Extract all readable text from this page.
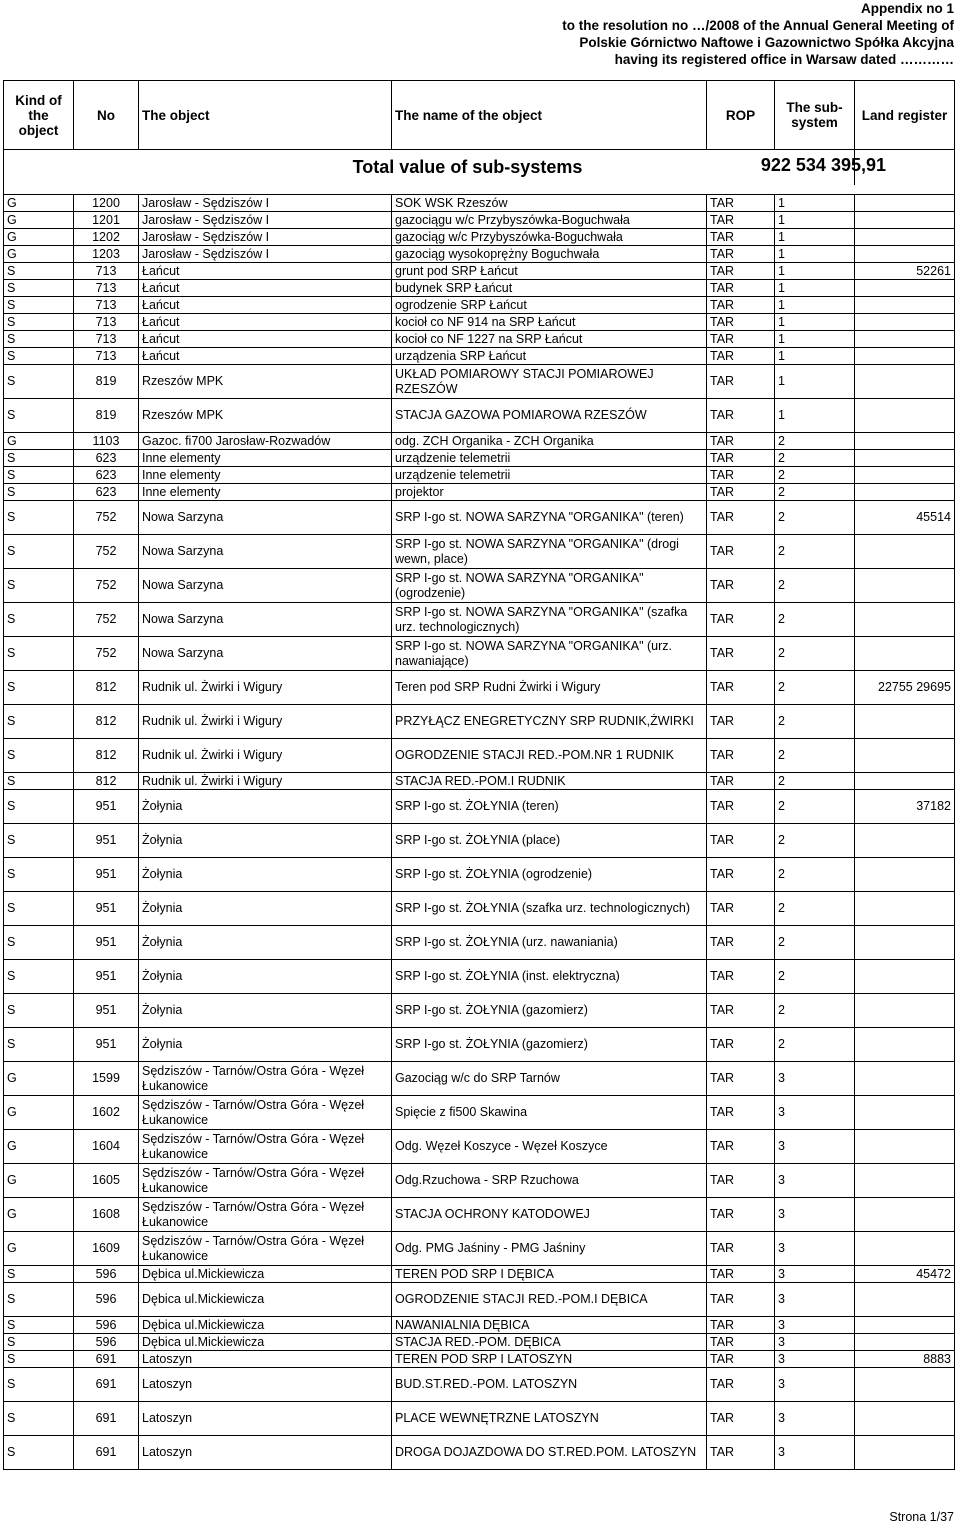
Appendix no 1
to the resolution no …/2008 of the Annual General Meeting of
Polskie Górnictwo Naftowe i Gazownictwo Spółka Akcyjna
having its registered office in Warsaw dated …………
Kind of the object	No	The object	The name of the object	ROP	The sub-system	Land register
Total value of sub-systems						922 534 395,91

G	1200	Jarosław - Sędziszów I	SOK WSK Rzeszów	TAR	1	
G	1201	Jarosław - Sędziszów I	gazociągu w/c Przybyszówka-Boguchwała	TAR	1	
G	1202	Jarosław - Sędziszów I	gazociąg w/c Przybyszówka-Boguchwała	TAR	1	
G	1203	Jarosław - Sędziszów I	gazociąg wysokoprężny Boguchwała	TAR	1	
S	713	Łańcut	grunt pod SRP Łańcut	TAR	1	52261
S	713	Łańcut	budynek SRP Łańcut	TAR	1	
S	713	Łańcut	ogrodzenie SRP Łańcut	TAR	1	
S	713	Łańcut	kocioł co NF 914 na SRP Łańcut	TAR	1	
S	713	Łańcut	kocioł co NF 1227 na SRP Łańcut	TAR	1	
S	713	Łańcut	urządzenia SRP Łańcut	TAR	1	
S	819	Rzeszów MPK	UKŁAD POMIAROWY STACJI POMIAROWEJ RZESZÓW	TAR	1	
S	819	Rzeszów MPK	STACJA GAZOWA POMIAROWA RZESZÓW	TAR	1	
G	1103	Gazoc. fi700 Jarosław-Rozwadów	odg. ZCH Organika - ZCH Organika	TAR	2	
S	623	Inne elementy	urządzenie telemetrii	TAR	2	
S	623	Inne elementy	urządzenie telemetrii	TAR	2	
S	623	Inne elementy	projektor	TAR	2	
S	752	Nowa Sarzyna	SRP I-go st. NOWA SARZYNA "ORGANIKA" (teren)	TAR	2	45514
S	752	Nowa Sarzyna	SRP I-go st. NOWA SARZYNA "ORGANIKA" (drogi wewn, place)	TAR	2	
S	752	Nowa Sarzyna	SRP I-go st. NOWA SARZYNA "ORGANIKA" (ogrodzenie)	TAR	2	
S	752	Nowa Sarzyna	SRP I-go st. NOWA SARZYNA "ORGANIKA" (szafka urz. technologicznych)	TAR	2	
S	752	Nowa Sarzyna	SRP I-go st. NOWA SARZYNA "ORGANIKA" (urz. nawaniające)	TAR	2	
S	812	Rudnik ul. Żwirki i Wigury	Teren pod SRP Rudni Żwirki i Wigury	TAR	2	22755 29695
S	812	Rudnik ul. Żwirki i Wigury	PRZYŁĄCZ ENEGRETYCZNY SRP RUDNIK,ŻWIRKI	TAR	2	
S	812	Rudnik ul. Żwirki i Wigury	OGRODZENIE STACJI RED.-POM.NR 1 RUDNIK	TAR	2	
S	812	Rudnik ul. Żwirki i Wigury	STACJA RED.-POM.I RUDNIK	TAR	2	
S	951	Żołynia	SRP I-go st. ŻOŁYNIA (teren)	TAR	2	37182
S	951	Żołynia	SRP I-go st. ŻOŁYNIA (place)	TAR	2	
S	951	Żołynia	SRP I-go st. ŻOŁYNIA (ogrodzenie)	TAR	2	
S	951	Żołynia	SRP I-go st. ŻOŁYNIA (szafka urz. technologicznych)	TAR	2	
S	951	Żołynia	SRP I-go st. ŻOŁYNIA (urz. nawaniania)	TAR	2	
S	951	Żołynia	SRP I-go st. ŻOŁYNIA (inst. elektryczna)	TAR	2	
S	951	Żołynia	SRP I-go st. ŻOŁYNIA (gazomierz)	TAR	2	
S	951	Żołynia	SRP I-go st. ŻOŁYNIA (gazomierz)	TAR	2	
G	1599	Sędziszów - Tarnów/Ostra Góra - Węzeł Łukanowice	Gazociąg w/c do SRP Tarnów	TAR	3	
G	1602	Sędziszów - Tarnów/Ostra Góra - Węzeł Łukanowice	Spięcie z fi500 Skawina	TAR	3	
G	1604	Sędziszów - Tarnów/Ostra Góra - Węzeł Łukanowice	Odg. Węzeł Koszyce - Węzeł Koszyce	TAR	3	
G	1605	Sędziszów - Tarnów/Ostra Góra - Węzeł Łukanowice	Odg.Rzuchowa - SRP Rzuchowa	TAR	3	
G	1608	Sędziszów - Tarnów/Ostra Góra - Węzeł Łukanowice	STACJA OCHRONY KATODOWEJ	TAR	3	
G	1609	Sędziszów - Tarnów/Ostra Góra - Węzeł Łukanowice	Odg. PMG Jaśniny - PMG Jaśniny	TAR	3	
S	596	Dębica ul.Mickiewicza	TEREN POD SRP I DĘBICA	TAR	3	45472
S	596	Dębica ul.Mickiewicza	OGRODZENIE STACJI RED.-POM.I DĘBICA	TAR	3	
S	596	Dębica ul.Mickiewicza	NAWANIALNIA DĘBICA	TAR	3	
S	596	Dębica ul.Mickiewicza	STACJA RED.-POM. DĘBICA	TAR	3	
S	691	Latoszyn	TEREN POD SRP I LATOSZYN	TAR	3	8883
S	691	Latoszyn	BUD.ST.RED.-POM. LATOSZYN	TAR	3	
S	691	Latoszyn	PLACE WEWNĘTRZNE LATOSZYN	TAR	3	
S	691	Latoszyn	DROGA DOJAZDOWA DO ST.RED.POM. LATOSZYN	TAR	3	
Strona 1/37
